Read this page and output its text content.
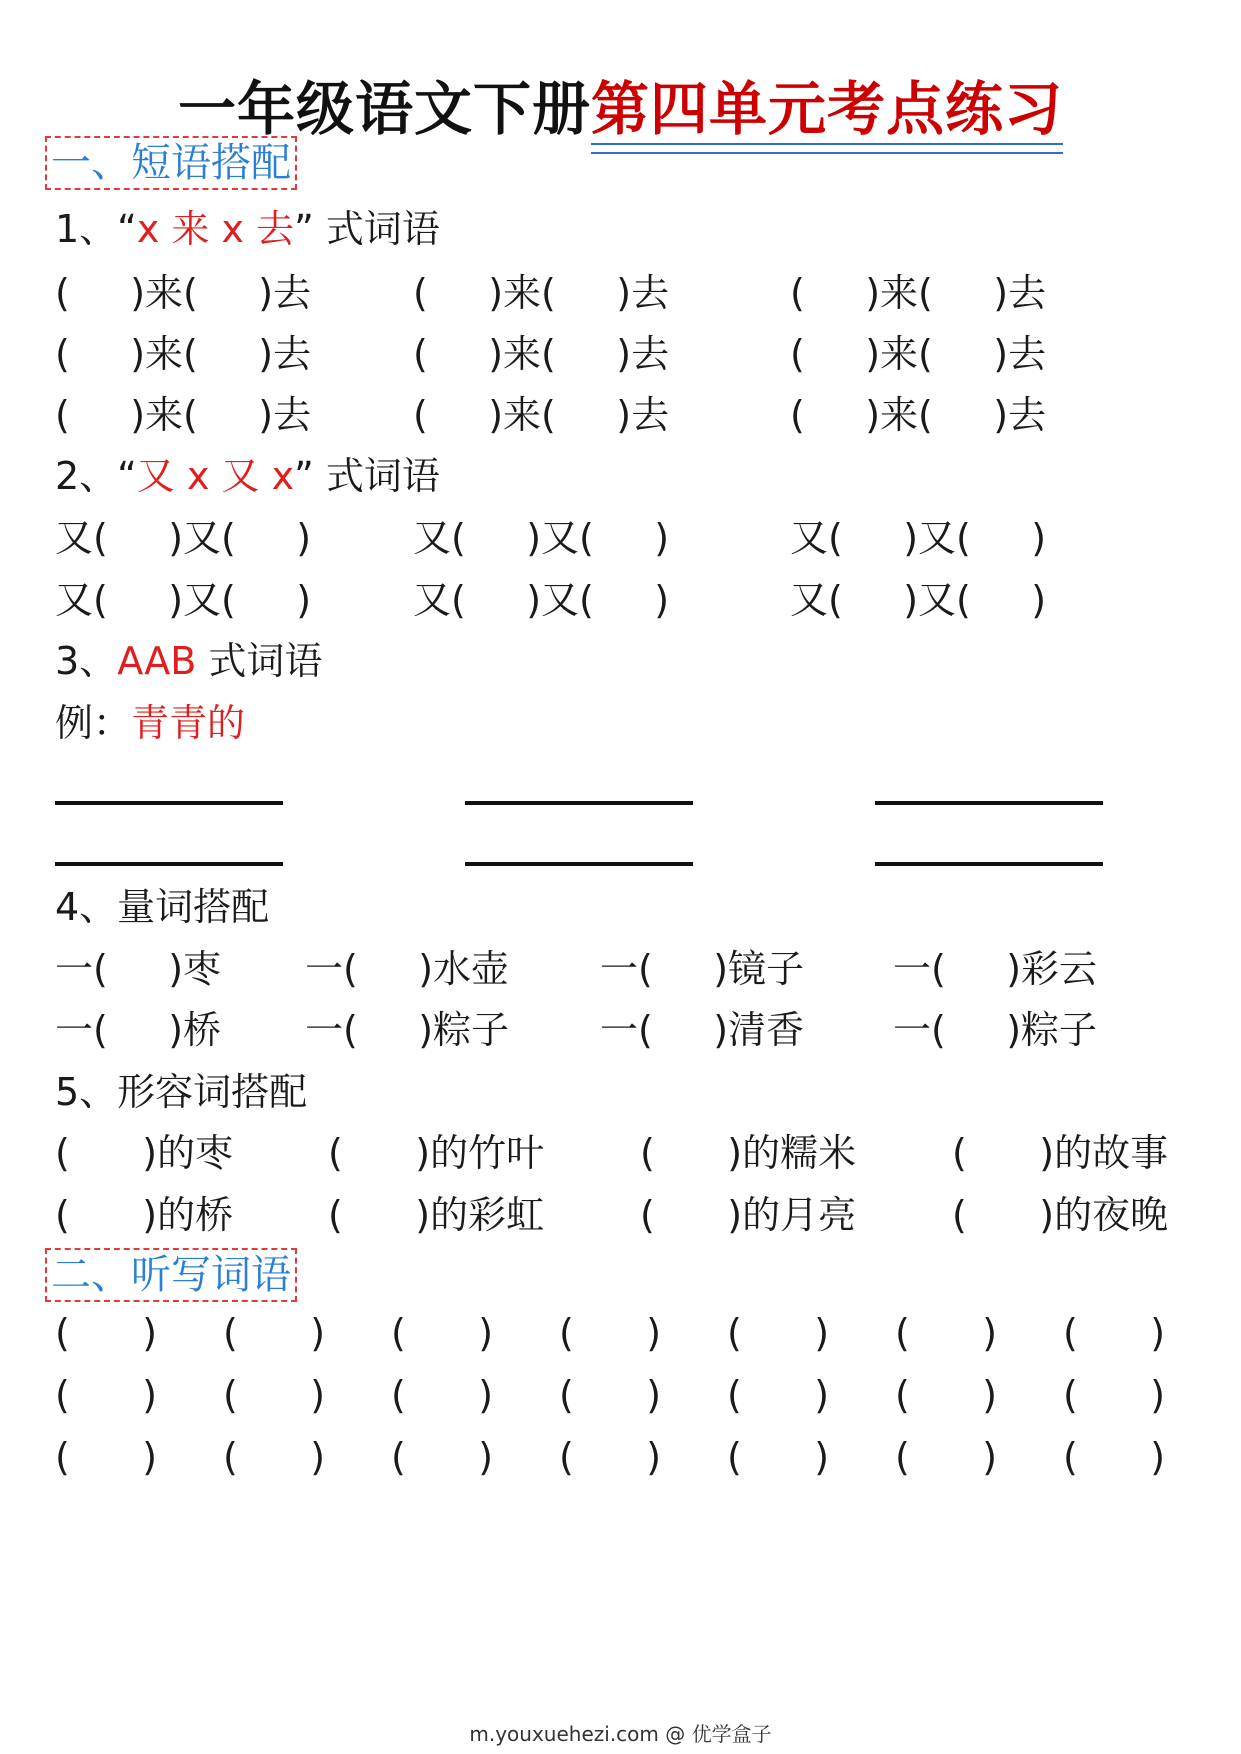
一年级语文下册第四单元考点练习
一、短语搭配
1、“x 来 x 去” 式词语
(     )来(     )去	(     )来(     )去	(     )来(     )去
(     )来(     )去	(     )来(     )去	(     )来(     )去
(     )来(     )去	(     )来(     )去	(     )来(     )去
2、“又 x 又 x” 式词语
又(     )又(     )	又(     )又(     )	又(     )又(     )
又(     )又(     )	又(     )又(     )	又(     )又(     )
3、AAB 式词语
例：青青的
4、量词搭配
一(     )枣 一(     )水壶 一(     )镜子 一(     )彩云
一(     )桥 一(     )粽子 一(     )清香 一(     )粽子
5、形容词搭配
(      )的枣 (      )的竹叶	(      )的糯米	(      )的故事
(      )的桥 (      )的彩虹	(      )的月亮	(      )的夜晚
二、听写词语
(      ) (      ) (      ) (      ) (      ) (      ) (      )
(      ) (      ) (      ) (      ) (      ) (      ) (      )
(      ) (      ) (      ) (      ) (      ) (      ) (      )
m.youxuehezi.com @ 优学盒子
